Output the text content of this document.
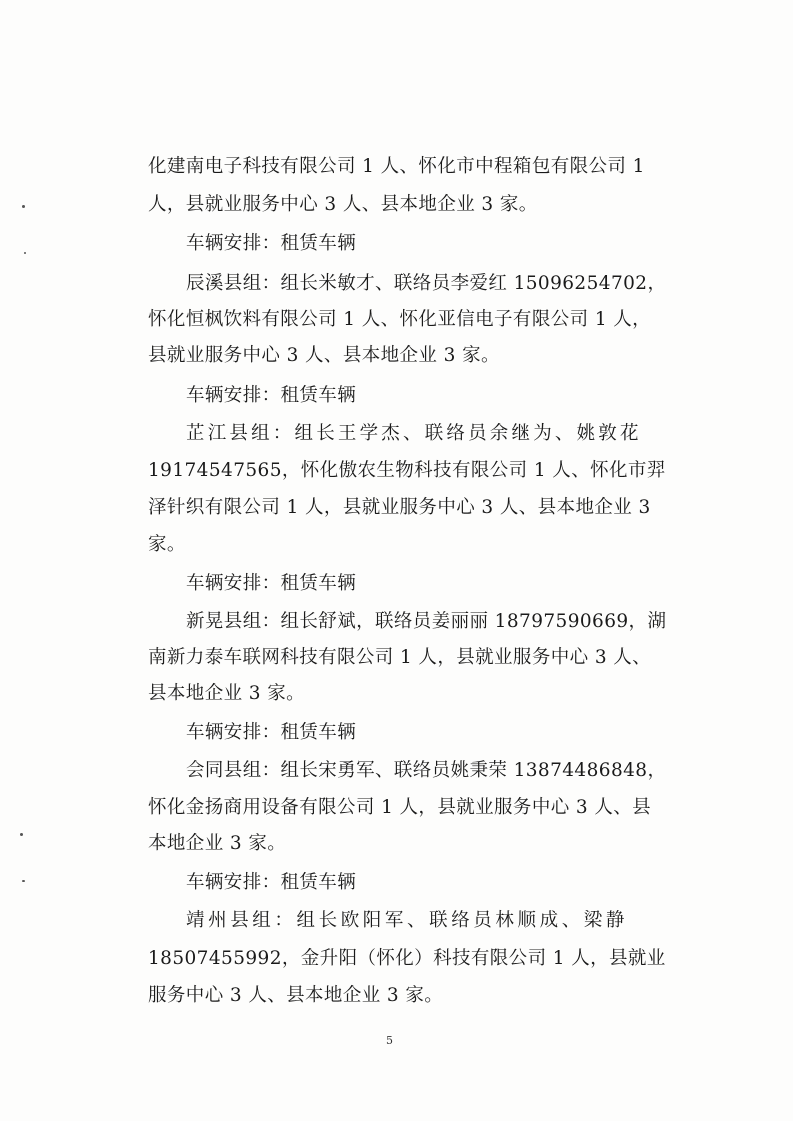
化建南电子科技有限公司 1 人、怀化市中程箱包有限公司 1

人，县就业服务中心 3 人、县本地企业 3 家。

车辆安排：租赁车辆

辰溪县组：组长米敏才、联络员李爱红 15096254702，

怀化恒枫饮料有限公司 1 人、怀化亚信电子有限公司 1 人，

县就业服务中心 3 人、县本地企业 3 家。

车辆安排：租赁车辆

芷江县组：组长王学杰、联络员余继为、姚敦花

19174547565，怀化傲农生物科技有限公司 1 人、怀化市羿

泽针织有限公司 1 人，县就业服务中心 3 人、县本地企业 3

家。

车辆安排：租赁车辆

新晃县组：组长舒斌，联络员姜丽丽 18797590669，湖

南新力泰车联网科技有限公司 1 人，县就业服务中心 3 人、

县本地企业 3 家。

车辆安排：租赁车辆

会同县组：组长宋勇军、联络员姚秉荣 13874486848，

怀化金扬商用设备有限公司 1 人，县就业服务中心 3 人、县

本地企业 3 家。

车辆安排：租赁车辆

靖州县组：组长欧阳军、联络员林顺成、梁静

18507455992，金升阳（怀化）科技有限公司 1 人，县就业

服务中心 3 人、县本地企业 3 家。

5
